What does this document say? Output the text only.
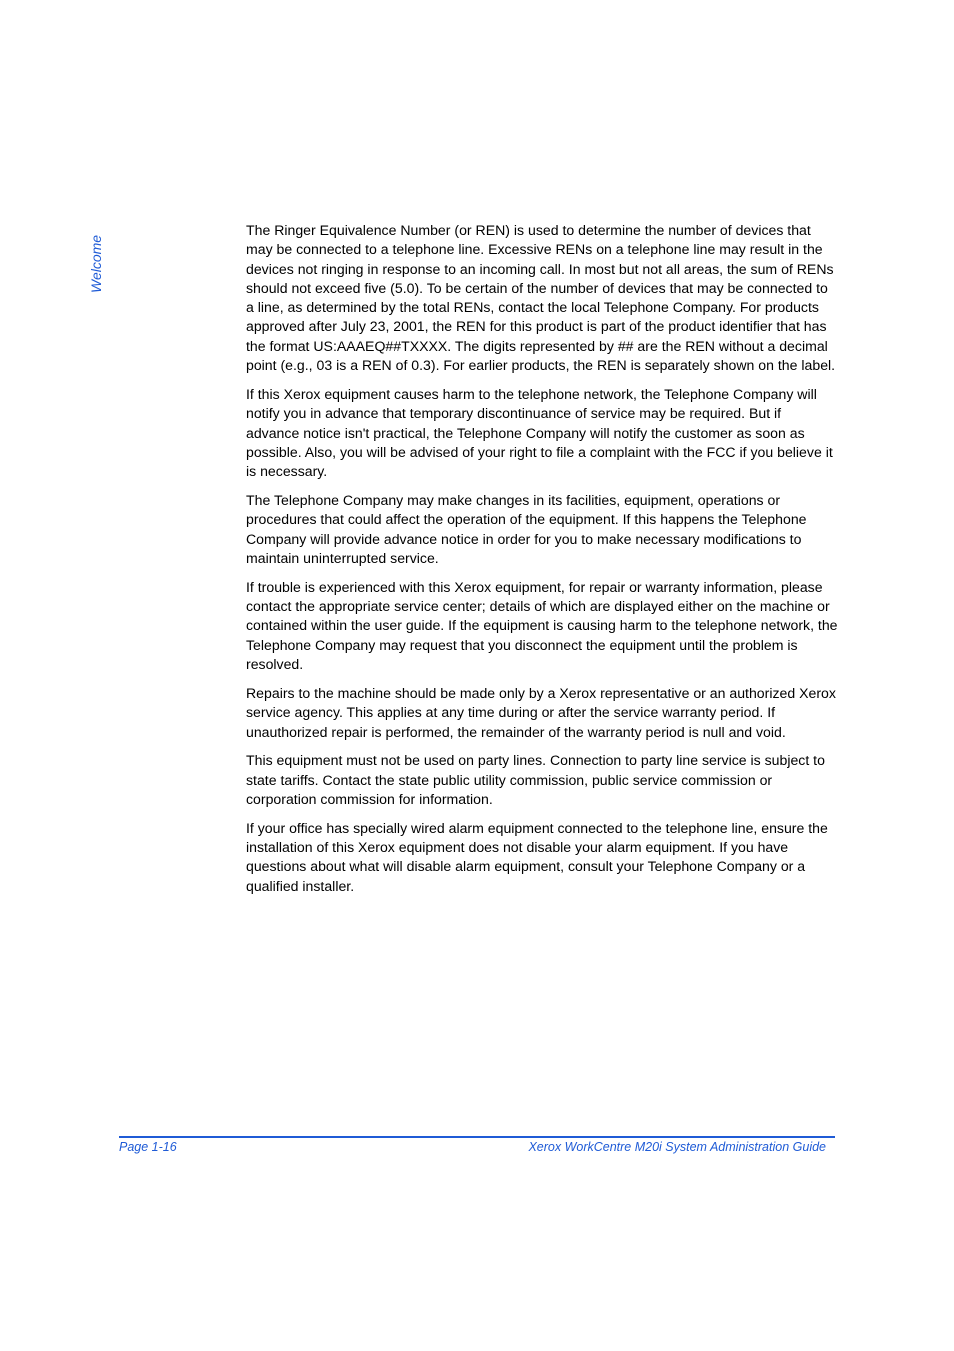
Welcome

The Ringer Equivalence Number (or REN) is used to determine the number of devices that may be connected to a telephone line. Excessive RENs on a telephone line may result in the devices not ringing in response to an incoming call. In most but not all areas, the sum of RENs should not exceed five (5.0). To be certain of the number of devices that may be connected to a line, as determined by the total RENs, contact the local Telephone Company. For products approved after July 23, 2001, the REN for this product is part of the product identifier that has the format US:AAAEQ##TXXXX. The digits represented by ## are the REN without a decimal point (e.g., 03 is a REN of 0.3). For earlier products, the REN is separately shown on the label.

If this Xerox equipment causes harm to the telephone network, the Telephone Company will notify you in advance that temporary discontinuance of service may be required. But if advance notice isn't practical, the Telephone Company will notify the customer as soon as possible. Also, you will be advised of your right to file a complaint with the FCC if you believe it is necessary.

The Telephone Company may make changes in its facilities, equipment, operations or procedures that could affect the operation of the equipment. If this happens the Telephone Company will provide advance notice in order for you to make necessary modifications to maintain uninterrupted service.

If trouble is experienced with this Xerox equipment, for repair or warranty information, please contact the appropriate service center; details of which are displayed either on the machine or contained within the user guide. If the equipment is causing harm to the telephone network, the Telephone Company may request that you disconnect the equipment until the problem is resolved.

Repairs to the machine should be made only by a Xerox representative or an authorized Xerox service agency. This applies at any time during or after the service warranty period. If unauthorized repair is performed, the remainder of the warranty period is null and void.

This equipment must not be used on party lines. Connection to party line service is subject to state tariffs. Contact the state public utility commission, public service commission or corporation commission for information.

If your office has specially wired alarm equipment connected to the telephone line, ensure the installation of this Xerox equipment does not disable your alarm equipment. If you have questions about what will disable alarm equipment, consult your Telephone Company or a qualified installer.

Page 1-16	Xerox WorkCentre M20i System Administration Guide
